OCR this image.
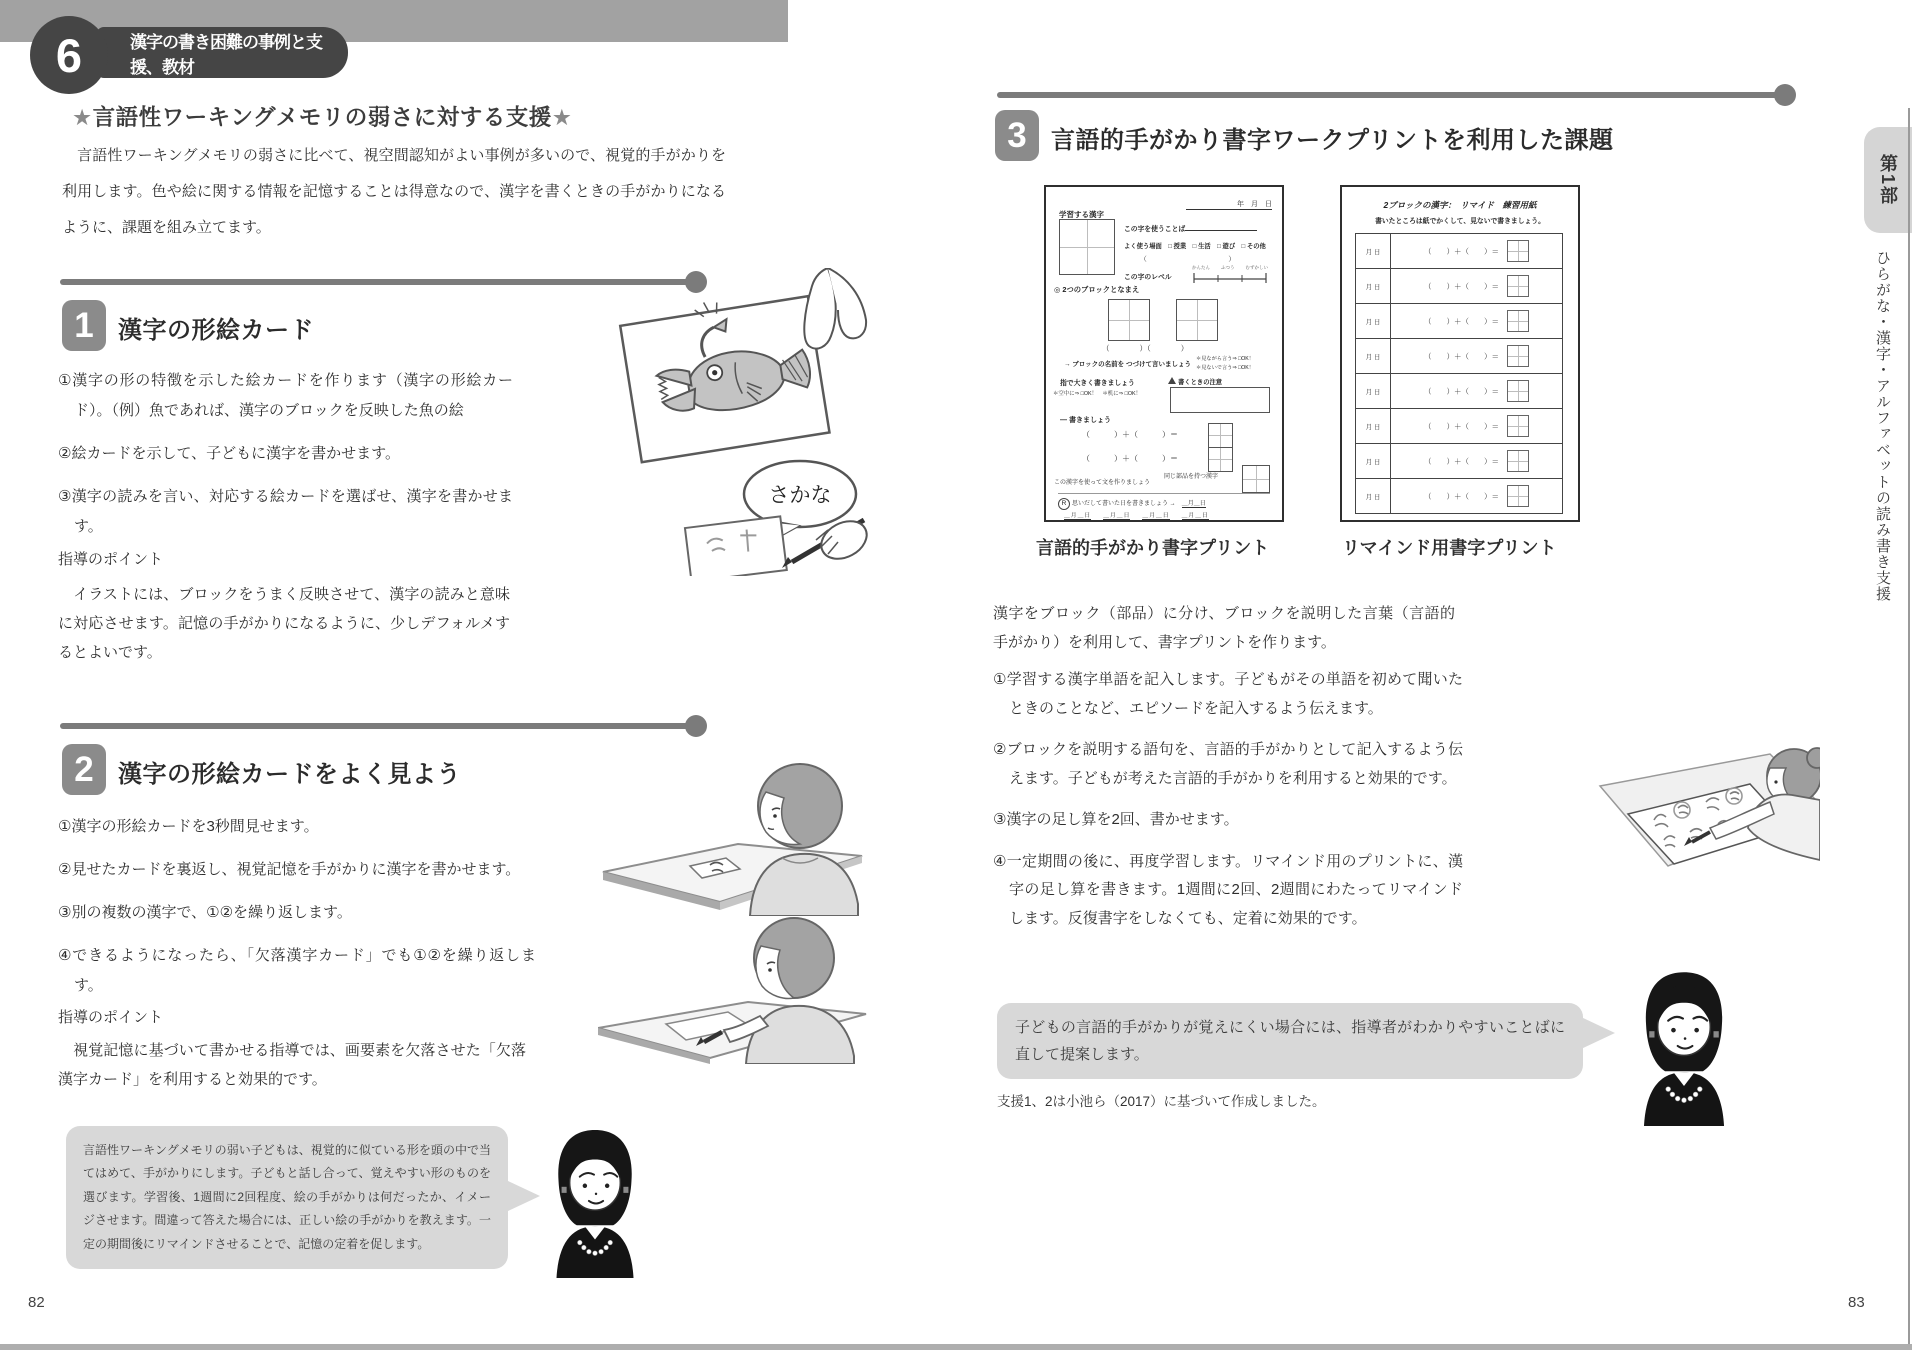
6	漢字の書き困難の事例と支援、教材
★言語性ワーキングメモリの弱さに対する支援★
　言語性ワーキングメモリの弱さに比べて、視空間認知がよい事例が多いので、視覚的手がかりを利用します。色や絵に関する情報を記憶することは得意なので、漢字を書くときの手がかりになるように、課題を組み立てます。
1 漢字の形絵カード
①漢字の形の特徴を示した絵カードを作ります（漢字の形絵カード）。（例）魚であれば、漢字のブロックを反映した魚の絵
②絵カードを示して、子どもに漢字を書かせます。
③漢字の読みを言い、対応する絵カードを選ばせ、漢字を書かせます。
指導のポイント
　イラストには、ブロックをうまく反映させて、漢字の読みと意味に対応させます。記憶の手がかりになるように、少しデフォルメするとよいです。
さかな
2 漢字の形絵カードをよく見よう
①漢字の形絵カードを3秒間見せます。
②見せたカードを裏返し、視覚記憶を手がかりに漢字を書かせます。
③別の複数の漢字で、①②を繰り返します。
④できるようになったら、「欠落漢字カード」でも①②を繰り返します。
指導のポイント
　視覚記憶に基づいて書かせる指導では、画要素を欠落させた「欠落漢字カード」を利用すると効果的です。
言語性ワーキングメモリの弱い子どもは、視覚的に似ている形を頭の中で当てはめて、手がかりにします。子どもと話し合って、覚えやすい形のものを選びます。学習後、1週間に2回程度、絵の手がかりは何だったか、イメージさせます。間違って答えた場合には、正しい絵の手がかりを教えます。一定の期間後にリマインドさせることで、記憶の定着を促します。
82
3 言語的手がかり書字ワークプリントを利用した課題
年　月　日
学習する漢字
この字を使うことば
よく使う場面　□ 授業　□ 生活　□ 遊び　□ その他
（　　　　　　　　　　　　）
この字のレベル
かんたん ふつう むずかしい
◎ 2つのブロックとなまえ
（　　　　）（　　　　）
→ ブロックの名前を つづけて言いましょう
＊見ながら言う⇒ □OK！
＊見ないで言う⇒ □OK！
指で大きく書きましょう
＊空中に⇒ □OK！　＊机に⇒ □OK！
書くときの注意
— 書きましょう
（　　　）＋（　　　）＝
（　　　）＋（　　　）＝
この漢字を使って文を作りましょう
同じ部品を持つ漢字
R 思いだして書いた日を書きましょう →　 ＿月＿日
＿月＿日 ＿月＿日 ＿月＿日 ＿月＿日
2ブロックの漢字：　リマイド　練習用紙
書いたところは紙でかくして、見ないで書きましょう。
月 日	（　　）＋（　　）＝
月 日	（　　）＋（　　）＝
月 日	（　　）＋（　　）＝
月 日	（　　）＋（　　）＝
月 日	（　　）＋（　　）＝
月 日	（　　）＋（　　）＝
月 日	（　　）＋（　　）＝
月 日	（　　）＋（　　）＝
言語的手がかり書字プリント	リマインド用書字プリント
漢字をブロック（部品）に分け、ブロックを説明した言葉（言語的手がかり）を利用して、書字プリントを作ります。
①学習する漢字単語を記入します。子どもがその単語を初めて聞いたときのことなど、エピソードを記入するよう伝えます。
②ブロックを説明する語句を、言語的手がかりとして記入するよう伝えます。子どもが考えた言語的手がかりを利用すると効果的です。
③漢字の足し算を2回、書かせます。
④一定期間の後に、再度学習します。リマインド用のプリントに、漢字の足し算を書きます。1週間に2回、2週間にわたってリマインドします。反復書字をしなくても、定着に効果的です。
子どもの言語的手がかりが覚えにくい場合には、指導者がわかりやすいことばに直して提案します。
支援1、2は小池ら（2017）に基づいて作成しました。
83
第1部
ひらがな・漢字・アルファベットの読み書き支援
